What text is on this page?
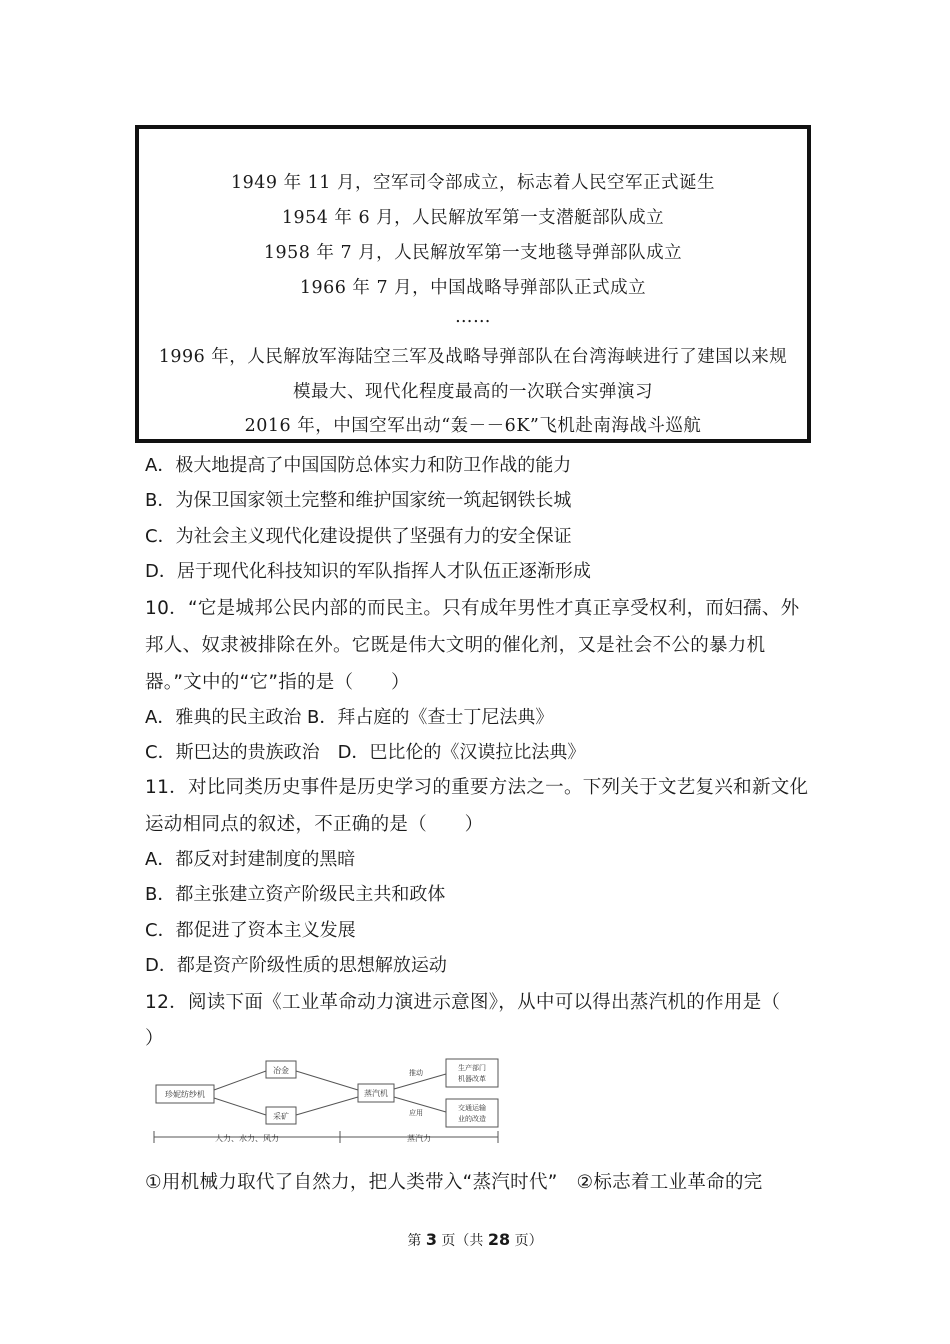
1949 年 11 月，空军司令部成立，标志着人民空军正式诞生
1954 年 6 月，人民解放军第一支潜艇部队成立
1958 年 7 月，人民解放军第一支地毯导弹部队成立
1966 年 7 月，中国战略导弹部队正式成立
……
1996 年，人民解放军海陆空三军及战略导弹部队在台湾海峡进行了建国以来规
模最大、现代化程度最高的一次联合实弹演习
2016 年，中国空军出动“轰－－6K”飞机赴南海战斗巡航
A．极大地提高了中国国防总体实力和防卫作战的能力
B．为保卫国家领土完整和维护国家统一筑起钢铁长城
C．为社会主义现代化建设提供了坚强有力的安全保证
D．居于现代化科技知识的军队指挥人才队伍正逐渐形成
10．“它是城邦公民内部的而民主。只有成年男性才真正享受权利，而妇孺、外
邦人、奴隶被排除在外。它既是伟大文明的催化剂，又是社会不公的暴力机
器。”文中的“它”指的是（　　）
A．雅典的民主政治 B．拜占庭的《查士丁尼法典》
C．斯巴达的贵族政治　D．巴比伦的《汉谟拉比法典》
11．对比同类历史事件是历史学习的重要方法之一。下列关于文艺复兴和新文化
运动相同点的叙述，不正确的是（　　）
A．都反对封建制度的黑暗
B．都主张建立资产阶级民主共和政体
C．都促进了资本主义发展
D．都是资产阶级性质的思想解放运动
12．阅读下面《工业革命动力演进示意图》，从中可以得出蒸汽机的作用是（
）
珍妮纺纱机
冶金
采矿
蒸汽机
推动
应用
生产部门
机器改革
交通运输
业的改造
人力、水力、风力	蒸汽力
①用机械力取代了自然力，把人类带入“蒸汽时代”　②标志着工业革命的完
第 3 页（共 28 页）
